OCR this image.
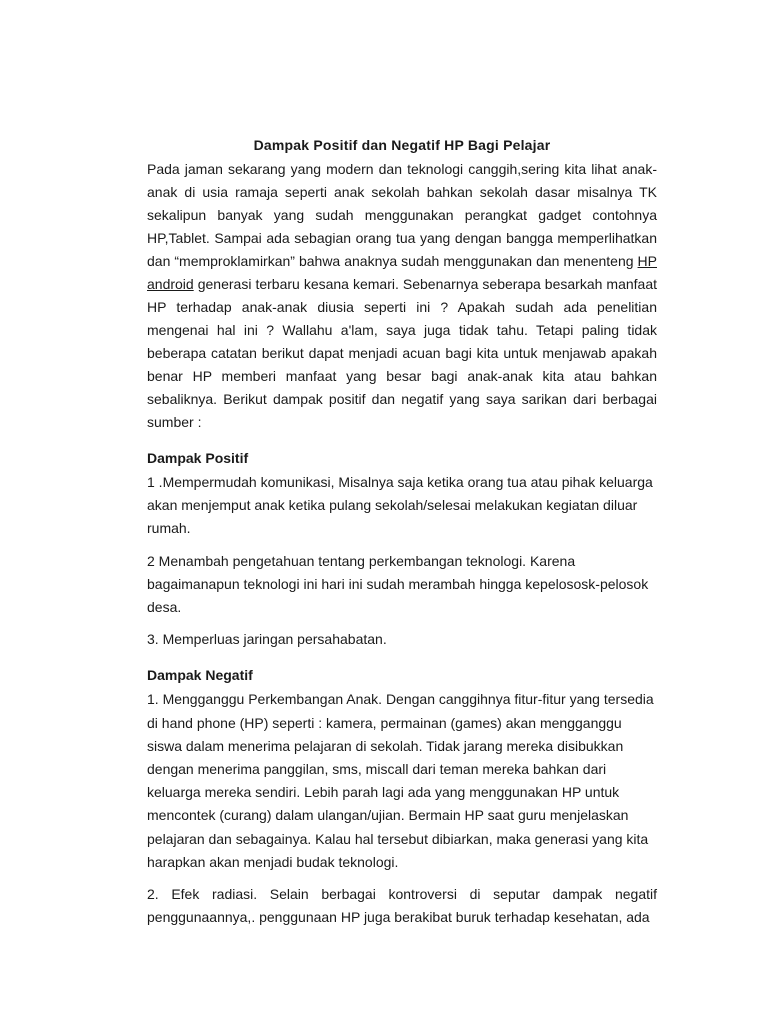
Dampak Positif dan Negatif HP Bagi Pelajar

Pada jaman sekarang yang modern dan teknologi canggih,sering kita lihat anak-anak di usia ramaja seperti anak sekolah bahkan sekolah dasar misalnya TK sekalipun banyak yang sudah menggunakan perangkat gadget contohnya HP,Tablet. Sampai ada sebagian orang tua yang dengan bangga memperlihatkan dan “memproklamirkan” bahwa anaknya sudah menggunakan dan menenteng HP android generasi terbaru kesana kemari. Sebenarnya seberapa besarkah manfaat HP terhadap anak-anak diusia seperti ini ? Apakah sudah ada penelitian mengenai hal ini ? Wallahu a'lam, saya juga tidak tahu. Tetapi paling tidak beberapa catatan berikut dapat menjadi acuan bagi kita untuk menjawab apakah benar HP memberi manfaat yang besar bagi anak-anak kita atau bahkan sebaliknya. Berikut dampak positif dan negatif yang saya sarikan dari berbagai sumber :

Dampak Positif

1 .Mempermudah komunikasi, Misalnya saja ketika orang tua atau pihak keluarga akan menjemput anak ketika pulang sekolah/selesai melakukan kegiatan diluar rumah.

2 Menambah pengetahuan tentang perkembangan teknologi. Karena bagaimanapun teknologi ini hari ini sudah merambah hingga kepelososk-pelosok desa.

3. Memperluas jaringan persahabatan.

Dampak Negatif

1. Mengganggu Perkembangan Anak. Dengan canggihnya fitur-fitur yang tersedia di hand phone (HP) seperti : kamera, permainan (games) akan mengganggu siswa dalam menerima pelajaran di sekolah. Tidak jarang mereka disibukkan dengan menerima panggilan, sms, miscall dari teman mereka bahkan dari keluarga mereka sendiri. Lebih parah lagi ada yang menggunakan HP untuk mencontek (curang) dalam ulangan/ujian. Bermain HP saat guru menjelaskan pelajaran dan sebagainya. Kalau hal tersebut dibiarkan, maka generasi yang kita harapkan akan menjadi budak teknologi.

2. Efek radiasi. Selain berbagai kontroversi di seputar dampak negatif penggunaannya,. penggunaan HP juga berakibat buruk terhadap kesehatan, ada
